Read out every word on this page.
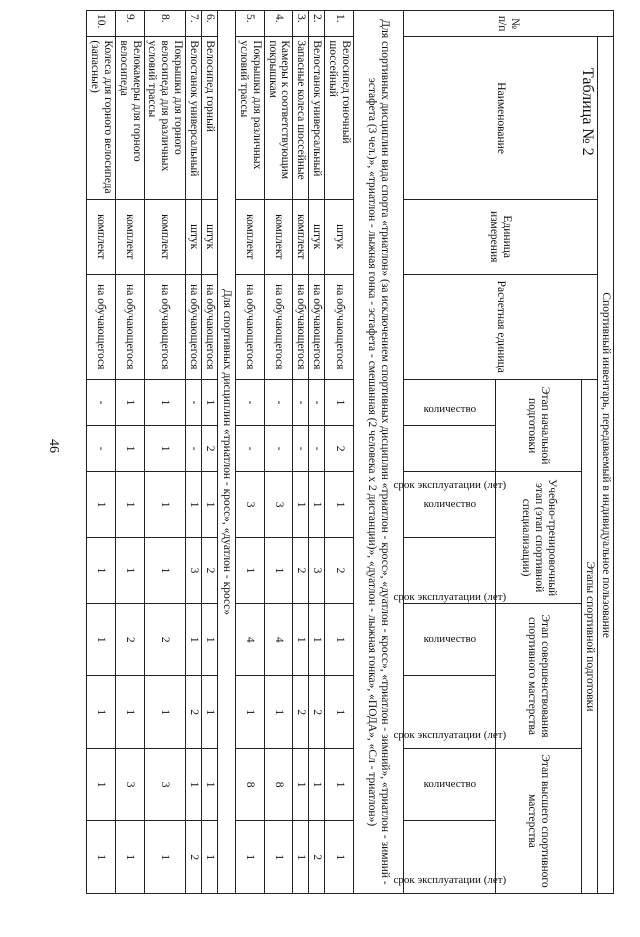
46
Таблица № 2
№ п/п	Спортивный инвентарь, передаваемый в индивидуальное пользование										
	Наименование	Единица измерения	Расчетная единица	Этапы спортивной подготовки							
				Этап начальной подготовки		Учебно-тренировочный этап (этап спортивной специализации)		Этап совершенствования спортивного мастерства		Этап высшего спортивного мастерства	
				количество	срок эксплуатации (лет)	количество	срок эксплуатации (лет)	количество	срок эксплуатации (лет)	количество	срок эксплуатации (лет)
Для спортивных дисциплин вида спорта «триатлон» (за исключением спортивных дисциплин «триатлон - кросс», «дуатлон - кросс», «триатлон - зимний», «триатлон - зимний - эстафета (3 чел.)», «триатлон - лыжная гонка - эстафета - смешанная (2 человека х 2 дистанции)», «дуатлон - лыжная гонка», «ПОДА», «Сл - триатлон»)											
1.	Велосипед гоночный шоссейный	штук	на обучающегося	1	2	1	2	1	1	1	1
2.	Велостанок универсальный	штук	на обучающегося	-	-	1	3	1	2	1	2
3.	Запасные колеса шоссейные	комплект	на обучающегося	-	-	1	2	1	2	1	1
4.	Камеры к соответствующим покрышкам	комплект	на обучающегося	-	-	3	1	4	1	8	1
5.	Покрышки для различных условий трассы	комплект	на обучающегося	-	-	3	1	4	1	8	1
Для спортивных дисциплин «триатлон - кросс», «дуатлон - кросс»											
6.	Велосипед горный	штук	на обучающегося	1	2	1	2	1	1	1	1
7.	Велостанок универсальный	штук	на обучающегося	-	-	1	3	1	2	1	2
8.	Покрышки для горного велосипеда для различных условий трассы	комплект	на обучающегося	1	1	1	1	2	1	3	1
9.	Велокамеры для горного велосипеда	комплект	на обучающегося	1	1	1	1	2	1	3	1
10.	Колеса для горного велосипеда (запасные)	комплект	на обучающегося	-	-	1	1	1	1	1	1
